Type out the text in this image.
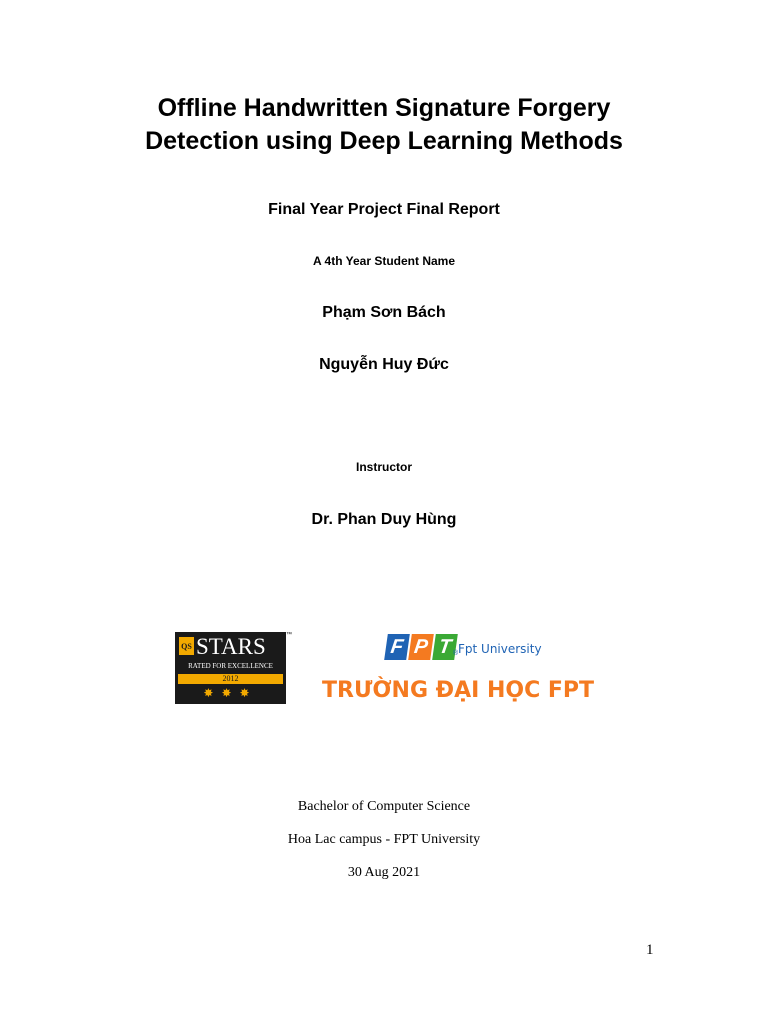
Offline Handwritten Signature Forgery
Detection using Deep Learning Methods
Final Year Project Final Report
A 4th Year Student Name
Phạm Sơn Bách
Nguyễn Huy Đức
Instructor
Dr. Phan Duy Hùng
QS STARS	™
RATED FOR EXCELLENCE
2012
✸✸✸
F P T ® Fpt University
TRƯỜNG ĐẠI HỌC FPT
Bachelor of Computer Science
Hoa Lac campus - FPT University
30 Aug 2021
1
